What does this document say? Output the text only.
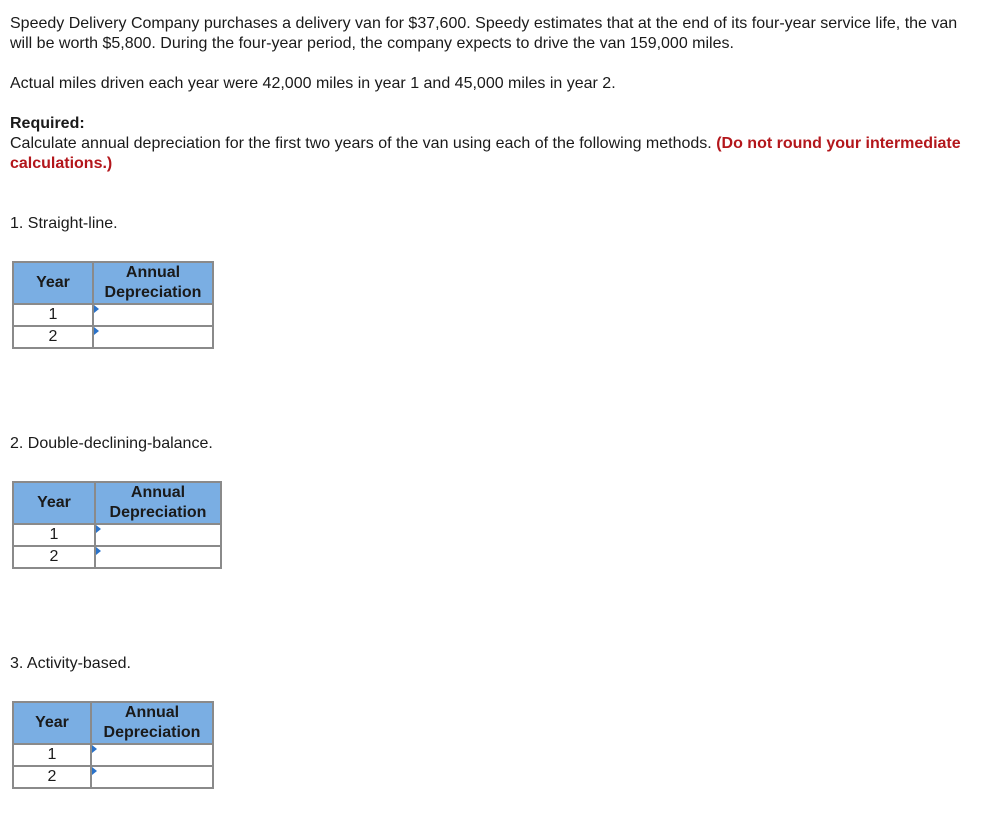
Speedy Delivery Company purchases a delivery van for $37,600. Speedy estimates that at the end of its four-year service life, the van will be worth $5,800. During the four-year period, the company expects to drive the van 159,000 miles.

Actual miles driven each year were 42,000 miles in year 1 and 45,000 miles in year 2.

Required:

Calculate annual depreciation for the first two years of the van using each of the following methods. (Do not round your intermediate calculations.)

1. Straight-line.

Year	Annual
Depreciation
1	

2	

2. Double-declining-balance.

Year	Annual
Depreciation
1	

2	

3. Activity-based.

Year	Annual
Depreciation
1	

2	
